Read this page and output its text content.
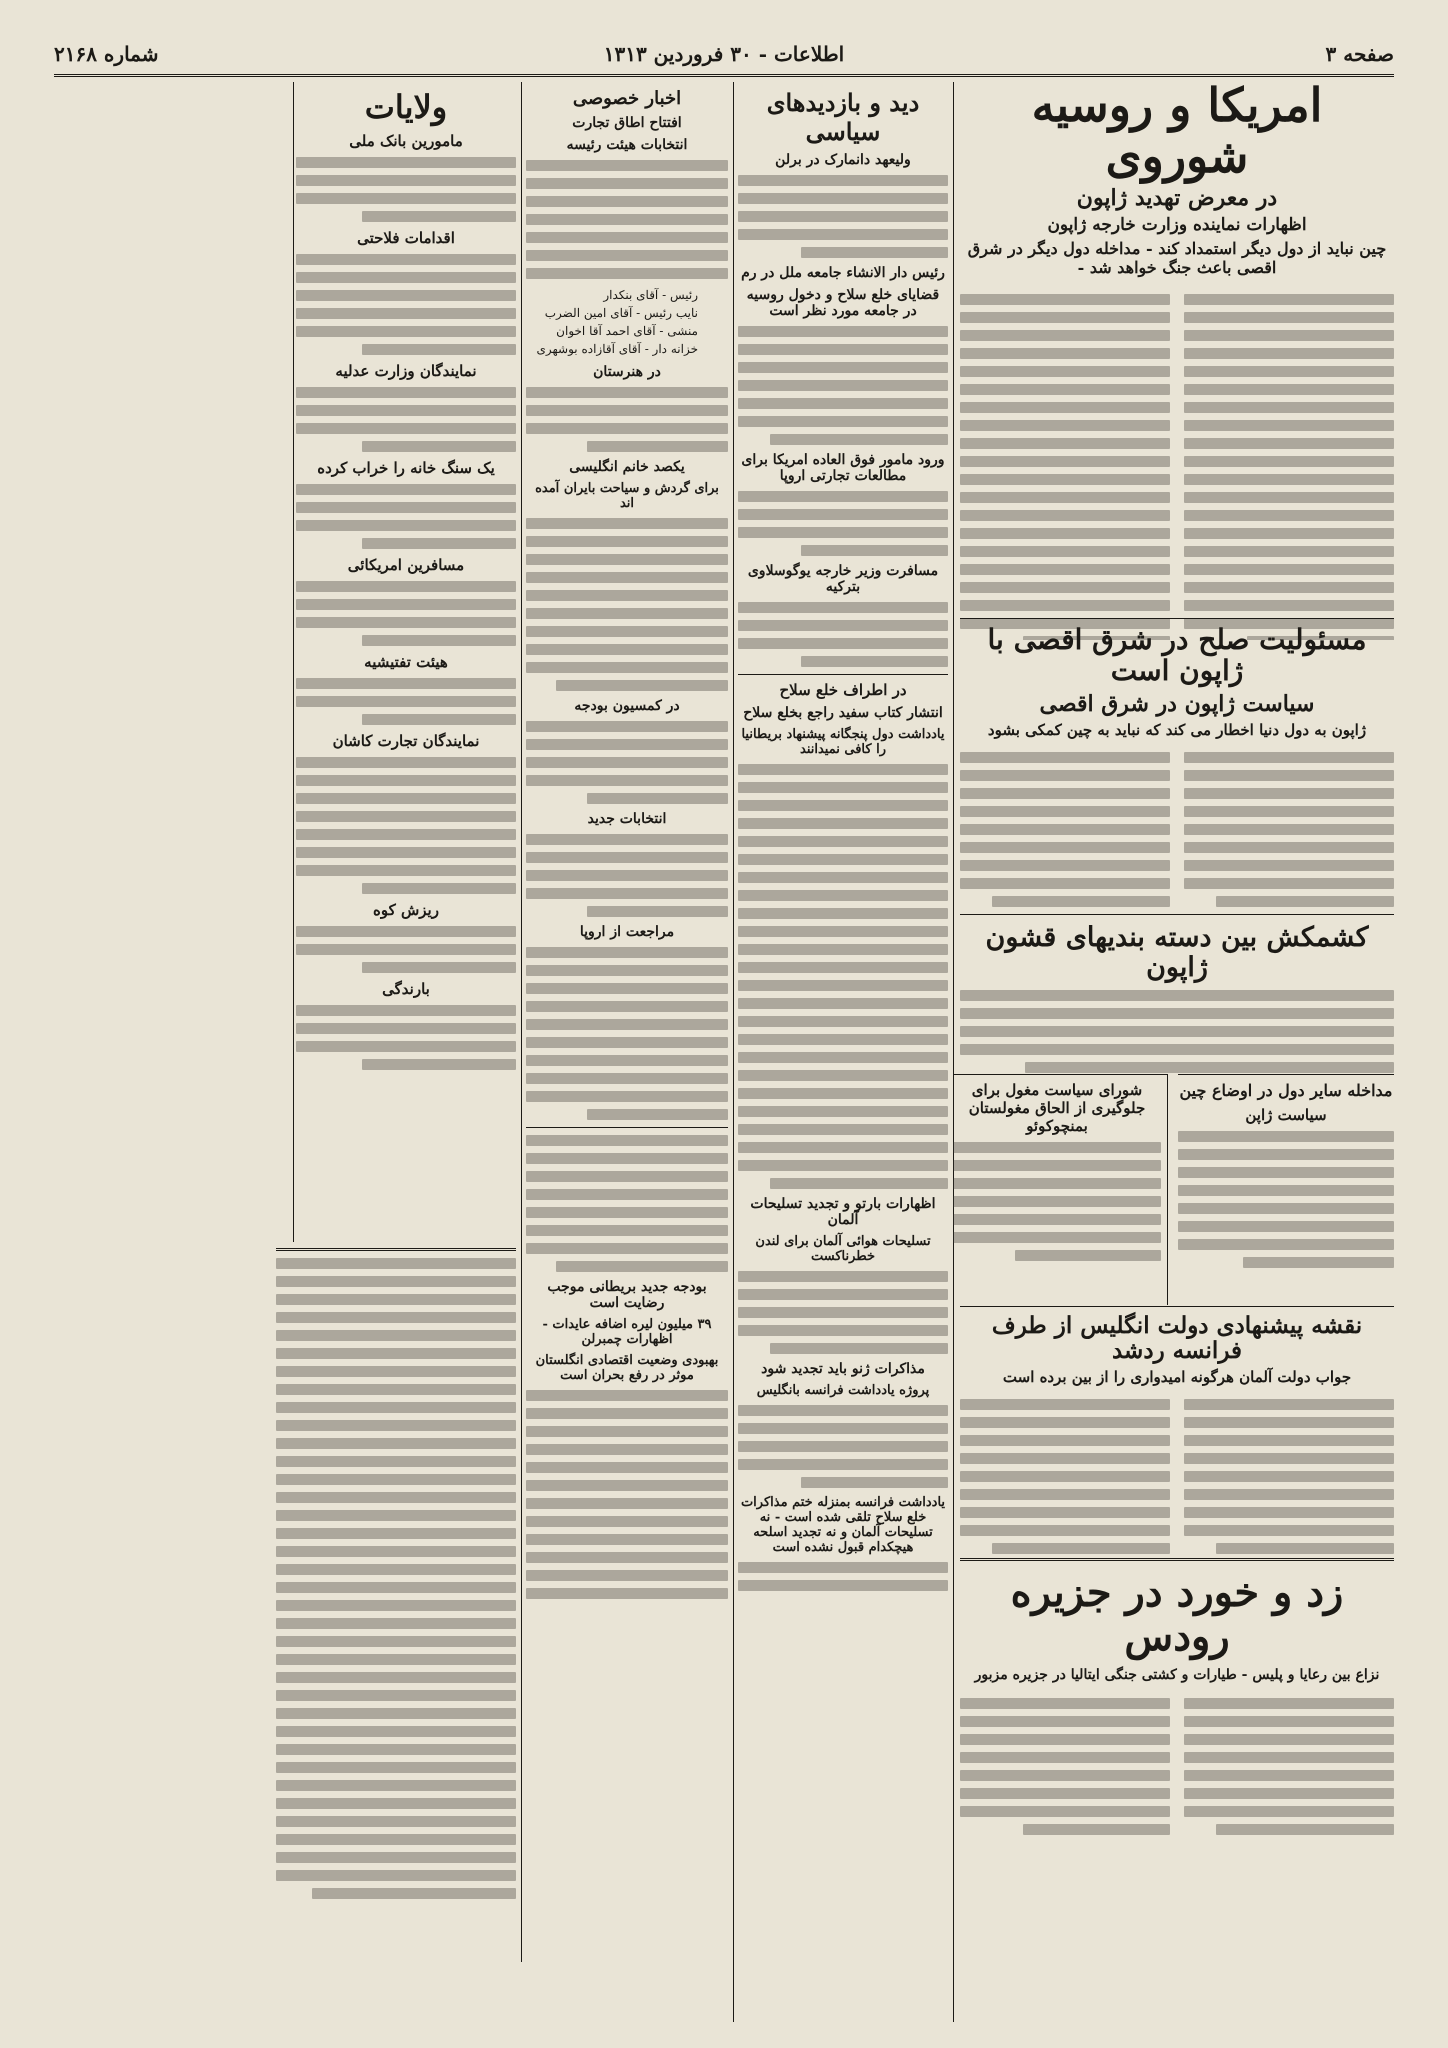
صفحه ۳
اطلاعات - ۳۰ فروردین ۱۳۱۳
شماره ۲۱۶۸
امریکا و روسیه شوروی
در معرض تهدید ژاپون
اظهارات نماینده وزارت خارجه ژاپون
چین نباید از دول دیگر استمداد کند - مداخله دول دیگر در شرق اقصی باعث جنگ خواهد شد -
مسئولیت صلح در شرق اقصی با ژاپون است
سیاست ژاپون در شرق اقصی
ژاپون به دول دنیا اخطار می کند که نباید به چین کمکی بشود
کشمکش بین دسته بندیهای قشون ژاپون
مداخله سایر دول در اوضاع چین
سیاست ژاپن
شورای سیاست مغول برای جلوگیری از الحاق مغولستان بمنچوکوئو
نقشه پیشنهادی دولت انگلیس از طرف فرانسه ردشد
جواب دولت آلمان هرگونه امیدواری را از بین برده است
زد و خورد در جزیره رودس
نزاع بین رعایا و پلیس - طیارات و کشتی جنگی ایتالیا در جزیره مزبور
دید و بازدیدهای سیاسی
ولیعهد دانمارک در برلن
رئیس دار الانشاء جامعه ملل در رم
قضایای خلع سلاح و دخول روسیه در جامعه مورد نظر است
ورود مامور فوق العاده امریکا برای مطالعات تجارتی اروپا
مسافرت وزیر خارجه یوگوسلاوی بترکیه
در اطراف خلع سلاح
انتشار کتاب سفید راجع بخلع سلاح
یادداشت دول پنجگانه پیشنهاد بریطانیا را کافی نمیدانند
اظهارات بارتو و تجدید تسلیحات آلمان
تسلیحات هوائی آلمان برای لندن خطرناکست
مذاکرات ژنو باید تجدید شود
پروژه یادداشت فرانسه بانگلیس
یادداشت فرانسه بمنزله ختم مذاکرات خلع سلاح تلقی شده است - نه تسلیحات آلمان و نه تجدید اسلحه هیچکدام قبول نشده است
اخبار خصوصی
افتتاح اطاق تجارت
انتخابات هیئت رئیسه
رئیس - آقای بنکدار
نایب رئیس - آقای امین الضرب
منشی - آقای احمد آقا اخوان
خزانه دار - آقای آقازاده بوشهری
در هنرستان
یکصد خانم انگلیسی
برای گردش و سیاحت بایران آمده اند
در کمسیون بودجه
انتخابات جدید
مراجعت از اروپا
بودجه جدید بریطانی موجب رضایت است
۳۹ میلیون لیره اضافه عایدات - اظهارات چمبرلن
بهبودی وضعیت اقتصادی انگلستان موثر در رفع بحران است
ولایات
مامورین بانک ملی
اقدامات فلاحتی
نمایندگان وزارت عدلیه
یک سنگ خانه را خراب کرده
مسافرین امریکائی
هیئت تفتیشیه
نمایندگان تجارت کاشان
ریزش کوه
بارندگی
